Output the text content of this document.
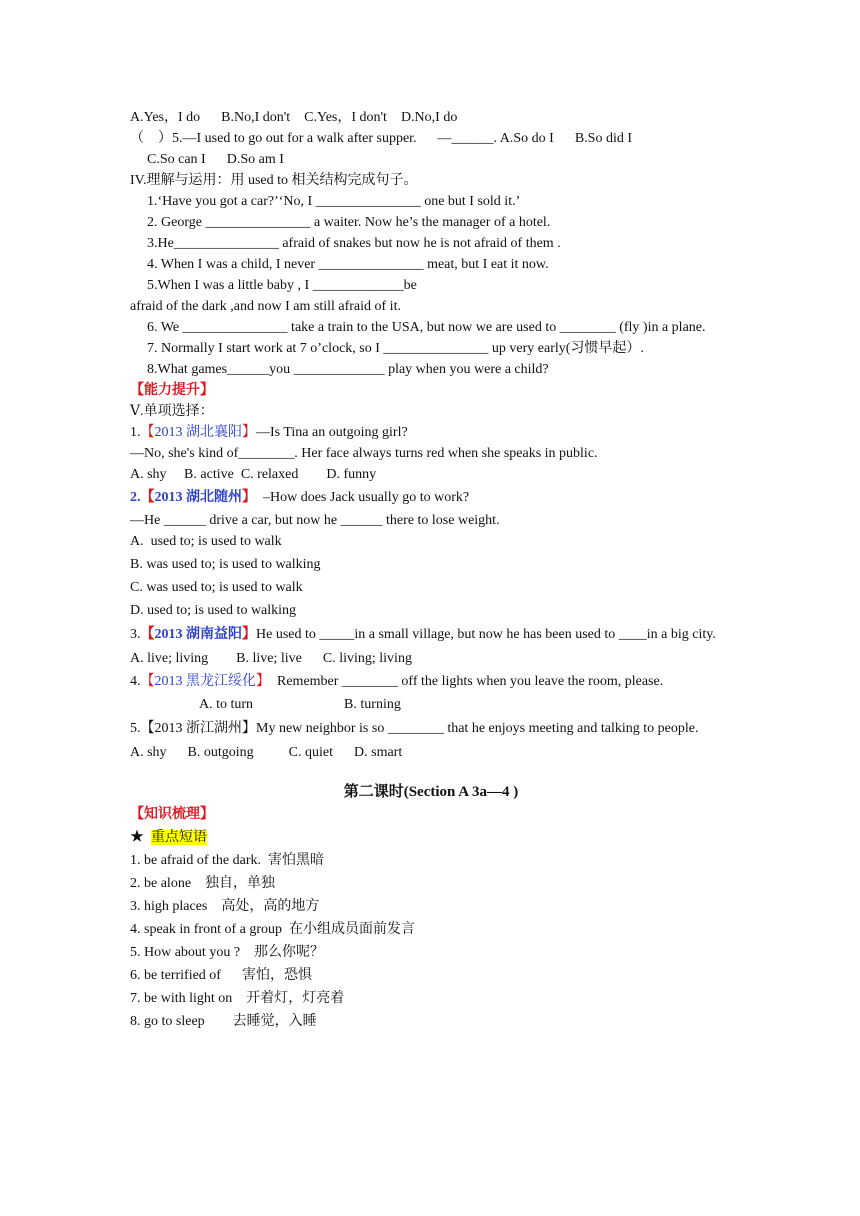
A.Yes，I do      B.No,I don't    C.Yes，I don't    D.No,I do
（    ）5.—I used to go out for a walk after supper.      —______. A.So do I      B.So did I
C.So can I      D.So am I
IV.理解与运用：用 used to 相关结构完成句子。
1.‘Have you got a car?’‘No, I _______________ one but I sold it.’
2. George _______________ a waiter. Now he’s the manager of a hotel.
3.He_______________ afraid of snakes but now he is not afraid of them .
4. When I was a child, I never _______________ meat, but I eat it now.
5.When I was a little baby , I _____________be
afraid of the dark ,and now I am still afraid of it.
6. We _______________ take a train to the USA, but now we are used to ________ (fly )in a plane.
7. Normally I start work at 7 o’clock, so I _______________ up very early(习惯早起）.
8.What games______you _____________ play when you were a child?
【能力提升】
Ⅴ.单项选择：
1.【2013 湖北襄阳】—Is Tina an outgoing girl?
—No, she's kind of________. Her face always turns red when she speaks in public.
A. shy     B. active  C. relaxed        D. funny
2.【2013 湖北随州】  –How does Jack usually go to work?
—He ______ drive a car, but now he ______ there to lose weight.
A.  used to; is used to walk
B. was used to; is used to walking
C. was used to; is used to walk
D. used to; is used to walking
3.【2013 湖南益阳】He used to _____in a small village, but now he has been used to ____in a big city.
A. live; living        B. live; live      C. living; living
4.【2013 黑龙江绥化】  Remember ________ off the lights when you leave the room, please.
A. to turn                          B. turning
5.【2013 浙江湖州】My new neighbor is so ________ that he enjoys meeting and talking to people.
A. shy      B. outgoing          C. quiet      D. smart
第二课时(Section A 3a—4 )
【知识梳理】
★ 重点短语
1. be afraid of the dark.  害怕黑暗
2. be alone    独自，单独
3. high places    高处，高的地方
4. speak in front of a group  在小组成员面前发言
5. How about you ?    那么你呢？
6. be terrified of      害怕，恐惧
7. be with light on    开着灯，灯亮着
8. go to sleep        去睡觉，入睡
